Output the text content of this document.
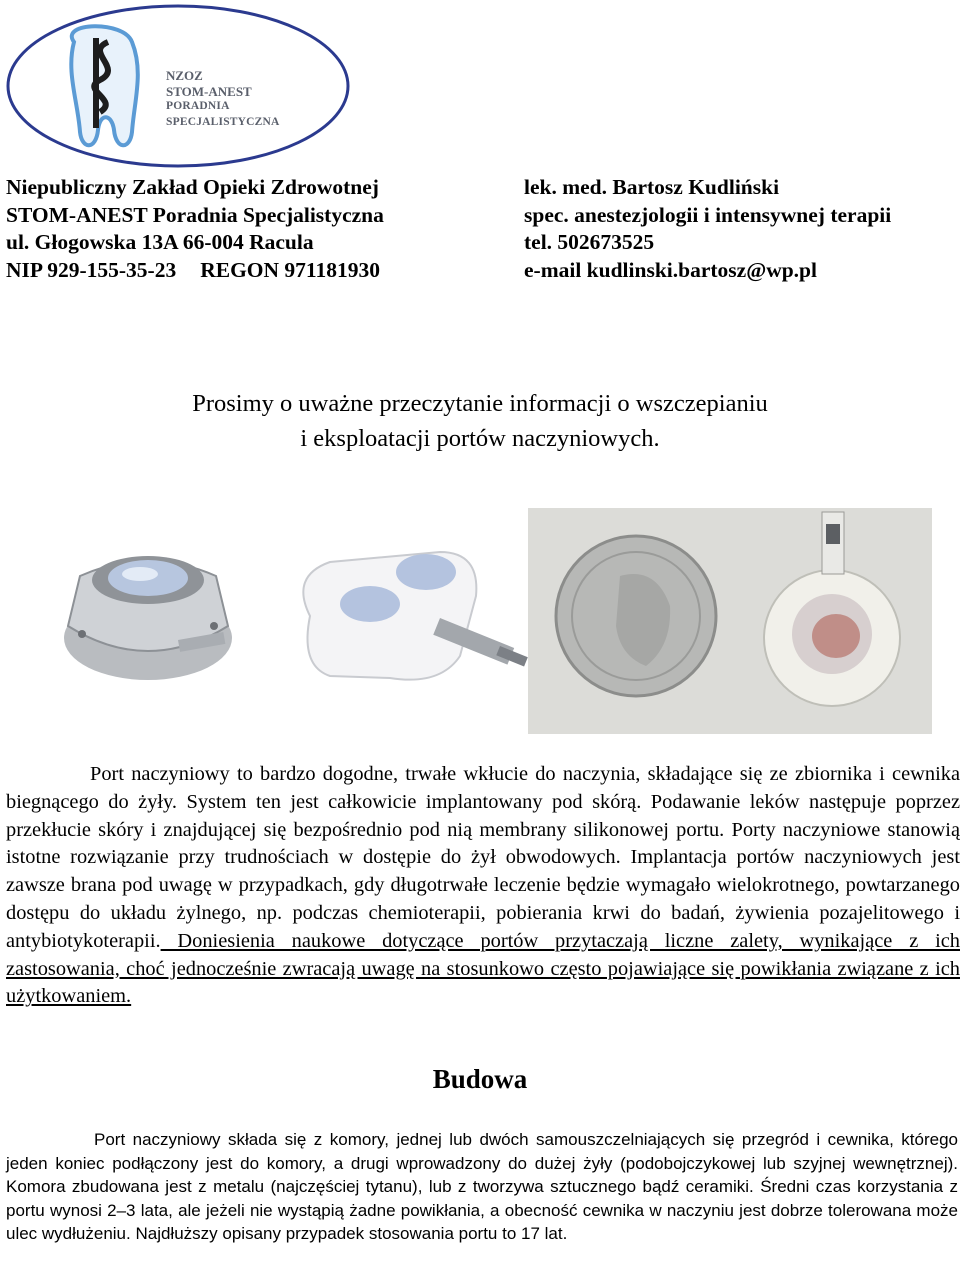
NZOZ
STOM-ANEST
PORADNIA
SPECJALISTYCZNA
Niepubliczny Zakład Opieki Zdrowotnej
STOM-ANEST Poradnia Specjalistyczna
ul. Głogowska 13A 66-004 Racula
NIP 929-155-35-23 REGON 971181930
lek. med. Bartosz Kudliński
spec. anestezjologii i intensywnej terapii
tel. 502673525
e-mail kudlinski.bartosz@wp.pl
Prosimy o uważne przeczytanie informacji o wszczepianiu
i eksploatacji portów naczyniowych.
Port naczyniowy to bardzo dogodne, trwałe wkłucie do naczynia, składające się ze zbiornika i cewnika biegnącego do żyły. System ten jest całkowicie implantowany pod skórą. Podawanie leków następuje poprzez przekłucie skóry i znajdującej się bezpośrednio pod nią membrany silikonowej portu. Porty naczyniowe stanowią istotne rozwiązanie przy trudnościach w dostępie do żył obwodowych. Implantacja portów naczyniowych jest zawsze brana pod uwagę w przypadkach, gdy długotrwałe leczenie będzie wymagało wielokrotnego, powtarzanego dostępu do układu żylnego, np. podczas chemioterapii, pobierania krwi do badań, żywienia pozajelitowego i antybiotykoterapii. Doniesienia naukowe dotyczące portów przytaczają liczne zalety, wynikające z ich zastosowania, choć jednocześnie zwracają uwagę na stosunkowo często pojawiające się powikłania związane z ich użytkowaniem.
Budowa
Port naczyniowy składa się z komory, jednej lub dwóch samouszczelniających się przegród i cewnika, którego jeden koniec podłączony jest do komory, a drugi wprowadzony do dużej żyły (podobojczykowej lub szyjnej wewnętrznej). Komora zbudowana jest z metalu (najczęściej tytanu), lub z tworzywa sztucznego bądź ceramiki. Średni czas korzystania z portu wynosi 2–3 lata, ale jeżeli nie wystąpią żadne powikłania, a obecność cewnika w naczyniu jest dobrze tolerowana może ulec wydłużeniu. Najdłuższy opisany przypadek stosowania portu to 17 lat.
